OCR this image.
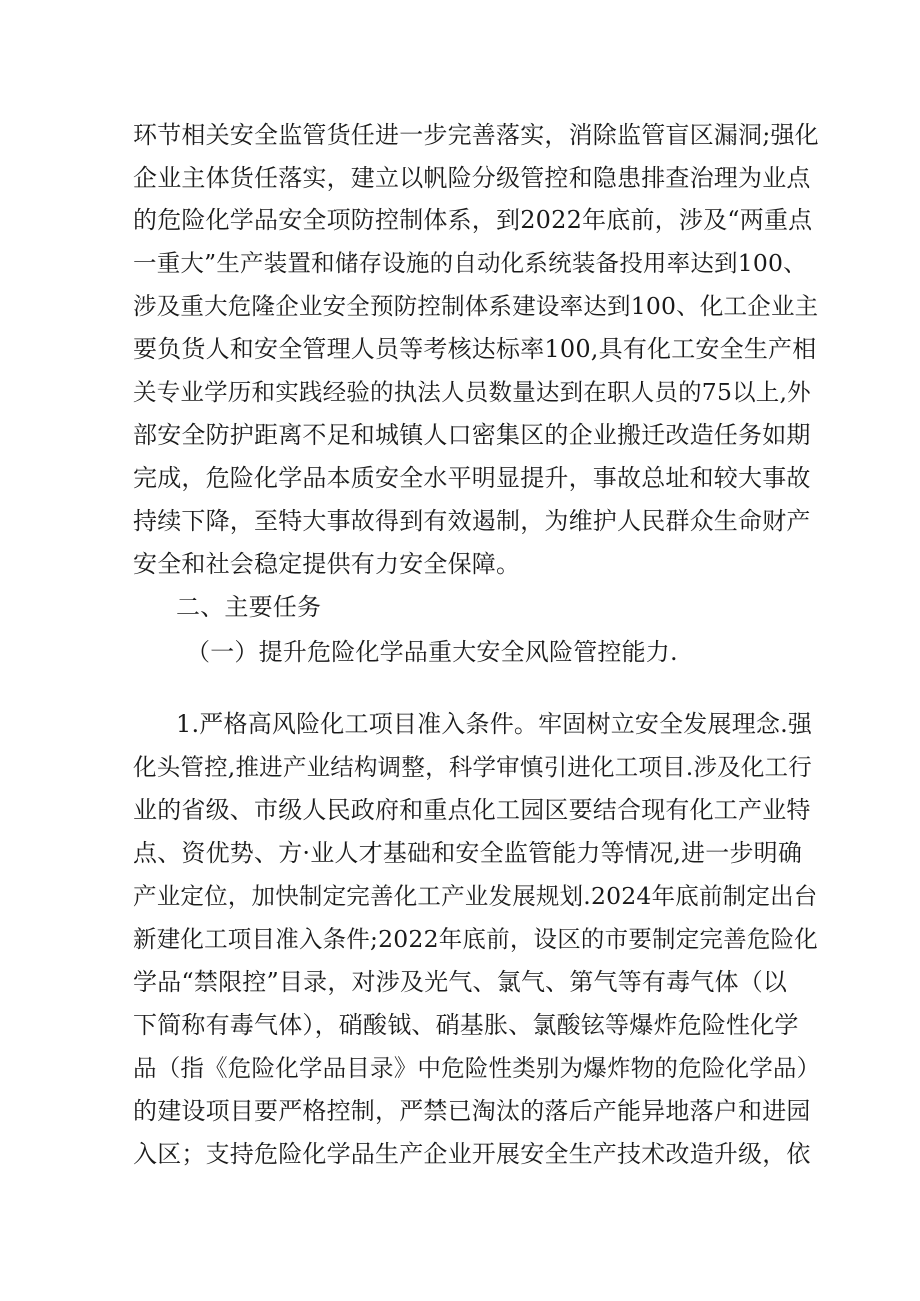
环节相关安全监管货任进一步完善落实，消除监管盲区漏洞;强化
企业主体货任落实，建立以帆险分级管控和隐患排查治理为业点
的危险化学品安全项防控制体系，到2022年底前，涉及“两重点
一重大”生产装置和储存设施的自动化系统装备投用率达到100、
涉及重大危隆企业安全预防控制体系建设率达到100、化工企业主
要负货人和安全管理人员等考核达标率100,具有化工安全生产相
关专业学历和实践经验的执法人员数量达到在职人员的75以上,外
部安全防护距离不足和城镇人口密集区的企业搬迁改造任务如期
完成，危险化学品本质安全水平明显提升，事故总址和较大事故
持续下降，至特大事故得到有效遏制，为维护人民群众生命财产
安全和社会稳定提供有力安全保障。
二、主要任务
（一）提升危险化学品重大安全风险管控能力.
1.严格高风险化工项目准入条件。牢固树立安全发展理念.强
化头管控,推进产业结构调整，科学审慎引进化工项目.涉及化工行
业的省级、市级人民政府和重点化工园区要结合现有化工产业特
点、资优势、方·业人才基础和安全监管能力等情况,进一步明确
产业定位，加快制定完善化工产业发展规划.2024年底前制定出台
新建化工项目准入条件;2022年底前，设区的市要制定完善危险化
学品“禁限控”目录，对涉及光气、氯气、第气等有毒气体（以
下简称有毒气体），硝酸钺、硝基胀、氯酸铉等爆炸危险性化学
品（指《危险化学品目录》中危险性类别为爆炸物的危险化学品）
的建设项目要严格控制，严禁已淘汰的落后产能异地落户和进园
入区；支持危险化学品生产企业开展安全生产技术改造升级，依
